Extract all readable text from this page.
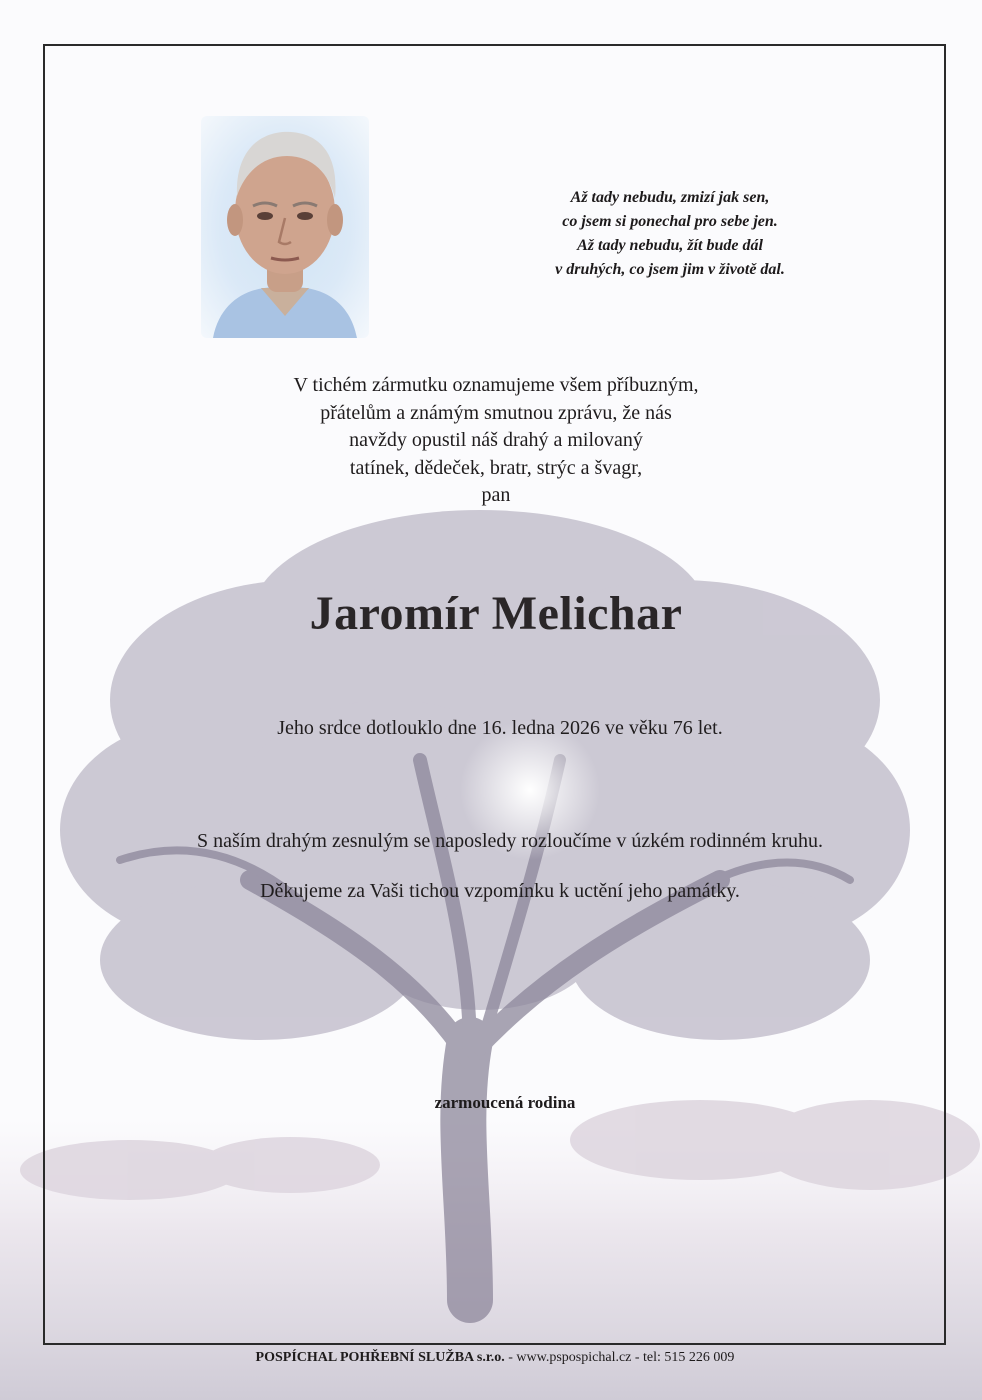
Až tady nebudu, zmizí jak sen,
co jsem si ponechal pro sebe jen.
Až tady nebudu, žít bude dál
v druhých, co jsem jim v životě dal.
V tichém zármutku oznamujeme všem příbuzným,
přátelům a známým smutnou zprávu, že nás
navždy opustil náš drahý a milovaný
tatínek, dědeček, bratr, strýc a švagr,
pan
Jaromír Melichar
Jeho srdce dotlouklo dne 16. ledna 2026 ve věku 76 let.
S naším drahým zesnulým se naposledy rozloučíme v úzkém rodinném kruhu.
Děkujeme za Vaši tichou vzpomínku k uctění jeho památky.
zarmoucená rodina
POSPÍCHAL POHŘEBNÍ SLUŽBA s.r.o. - www.pspospichal.cz - tel: 515 226 009
